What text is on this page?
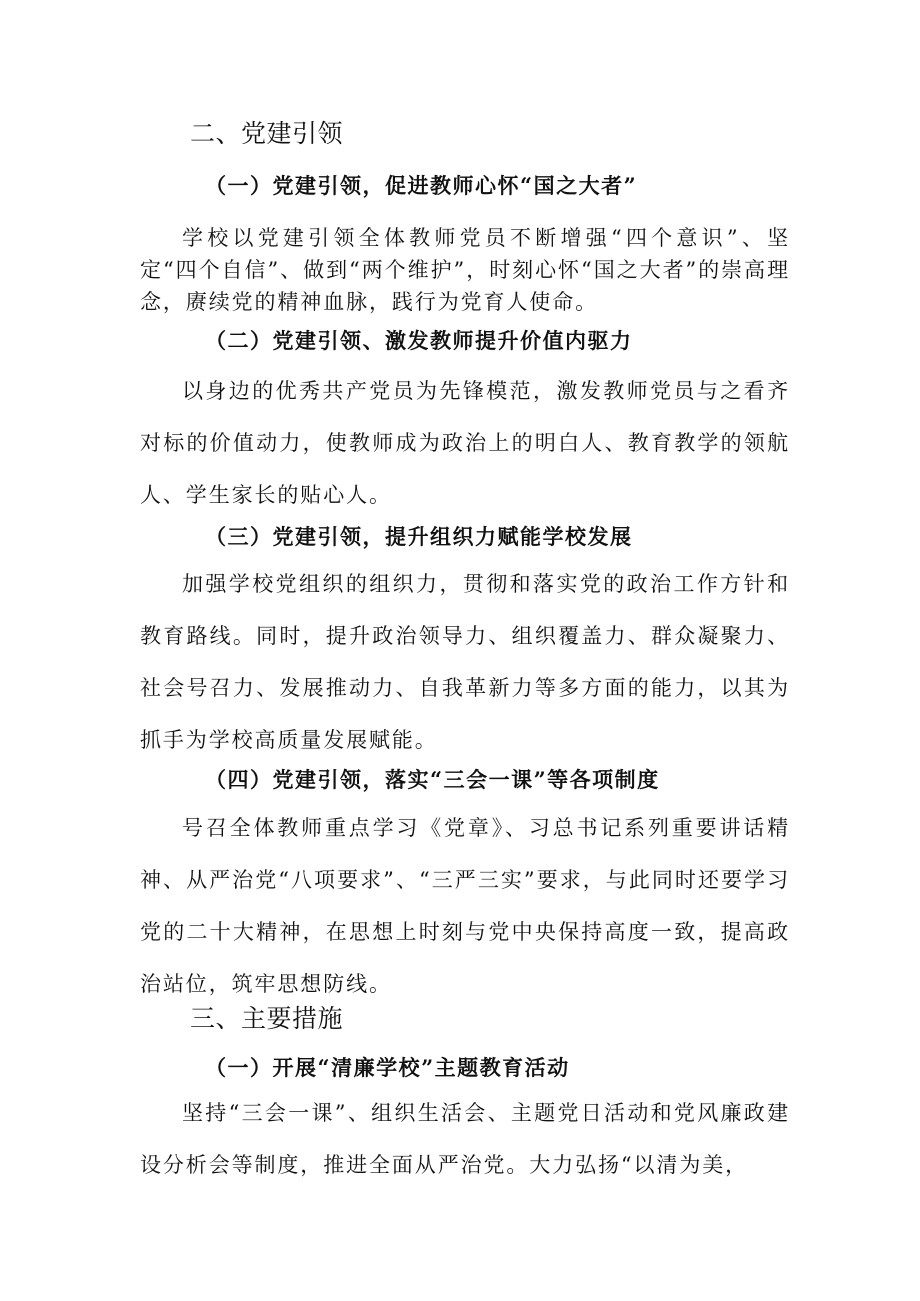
二、党建引领
（一）党建引领，促进教师心怀“国之大者”

学校以党建引领全体教师党员不断增强“四个意识”、坚定“四个自信”、做到“两个维护”，时刻心怀“国之大者”的崇高理念，赓续党的精神血脉，践行为党育人使命。

（二）党建引领、激发教师提升价值内驱力

以身边的优秀共产党员为先锋模范，激发教师党员与之看齐对标的价值动力，使教师成为政治上的明白人、教育教学的领航人、学生家长的贴心人。

（三）党建引领，提升组织力赋能学校发展

加强学校党组织的组织力，贯彻和落实党的政治工作方针和教育路线。同时，提升政治领导力、组织覆盖力、群众凝聚力、社会号召力、发展推动力、自我革新力等多方面的能力，以其为抓手为学校高质量发展赋能。

（四）党建引领，落实“三会一课”等各项制度

号召全体教师重点学习《党章》、习总书记系列重要讲话精神、从严治党“八项要求”、“三严三实”要求，与此同时还要学习党的二十大精神，在思想上时刻与党中央保持高度一致，提高政治站位，筑牢思想防线。

三、主要措施
（一）开展“清廉学校”主题教育活动

坚持“三会一课”、组织生活会、主题党日活动和党风廉政建设分析会等制度，推进全面从严治党。大力弘扬“以清为美，
